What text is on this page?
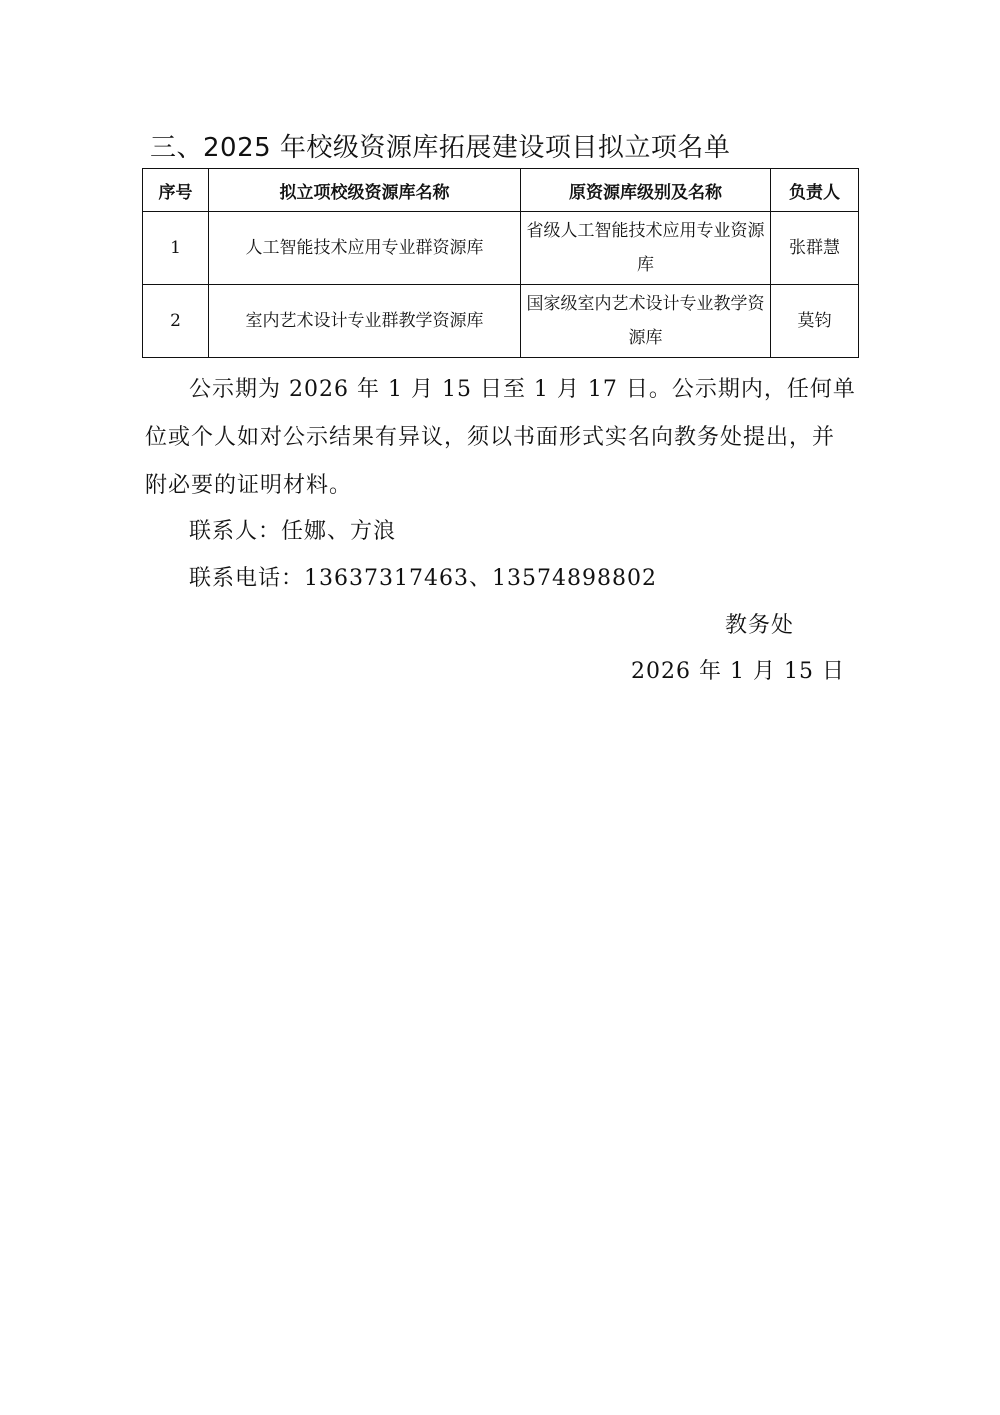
三、2025 年校级资源库拓展建设项目拟立项名单
序号	拟立项校级资源库名称	原资源库级别及名称	负责人
1	人工智能技术应用专业群资源库	省级人工智能技术应用专业资源库	张群慧
2	室内艺术设计专业群教学资源库	国家级室内艺术设计专业教学资源库	莫钧

公示期为 2026 年 1 月 15 日至 1 月 17 日。公示期内，任何单位或个人如对公示结果有异议，须以书面形式实名向教务处提出，并附必要的证明材料。

联系人：任娜、方浪

联系电话：13637317463、13574898802

教务处

2026 年 1 月 15 日
